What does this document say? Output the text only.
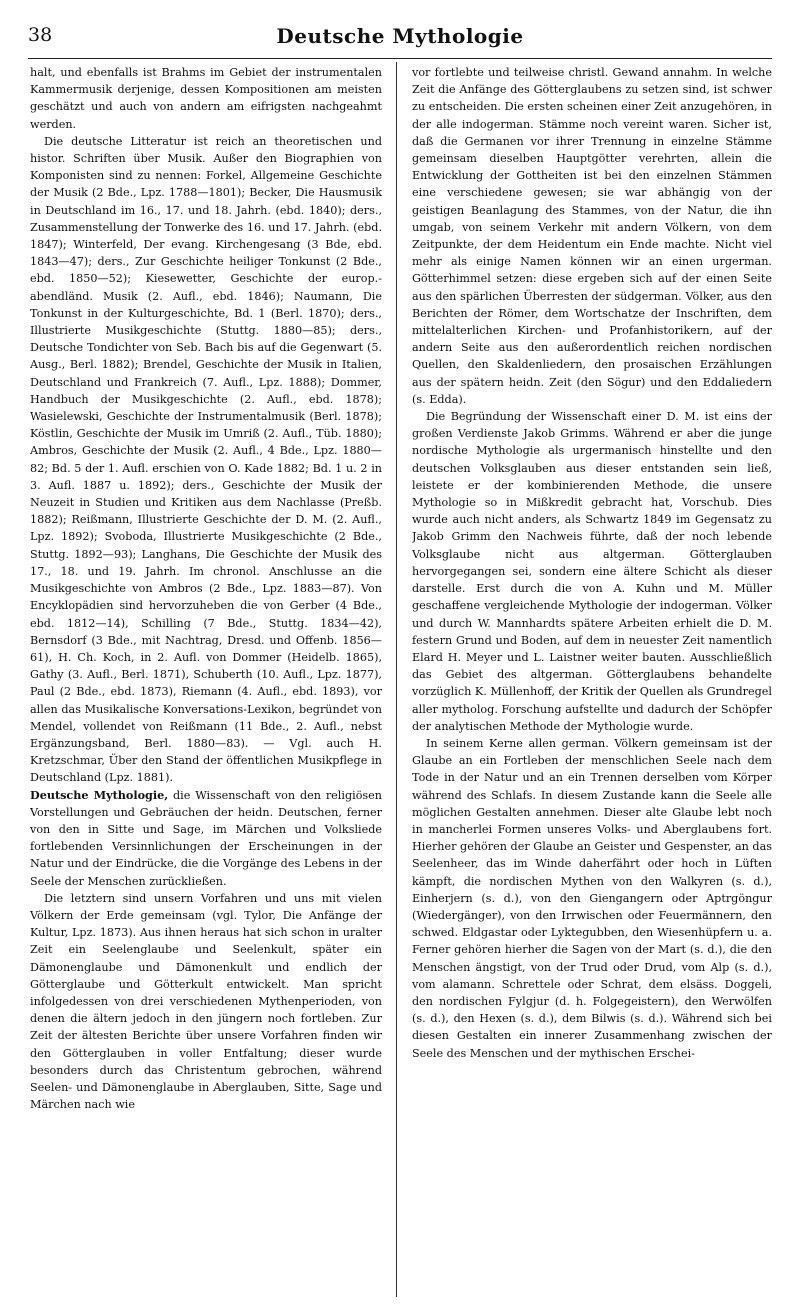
38	Deutsche Mythologie

halt, und ebenfalls ist Brahms im Gebiet der instrumentalen Kammermusik derjenige, dessen Kompositionen am meisten geschätzt und auch von andern am eifrigsten nachgeahmt werden.

Die deutsche Litteratur ist reich an theoretischen und histor. Schriften über Musik. Außer den Biographien von Komponisten sind zu nennen: Forkel, Allgemeine Geschichte der Musik (2 Bde., Lpz. 1788—1801); Becker, Die Hausmusik in Deutschland im 16., 17. und 18. Jahrh. (ebd. 1840); ders., Zusammenstellung der Tonwerke des 16. und 17. Jahrh. (ebd. 1847); Winterfeld, Der evang. Kirchengesang (3 Bde, ebd. 1843—47); ders., Zur Geschichte heiliger Tonkunst (2 Bde., ebd. 1850—52); Kiesewetter, Geschichte der europ.-abendländ. Musik (2. Aufl., ebd. 1846); Naumann, Die Tonkunst in der Kulturgeschichte, Bd. 1 (Berl. 1870); ders., Illustrierte Musikgeschichte (Stuttg. 1880—85); ders., Deutsche Tondichter von Seb. Bach bis auf die Gegenwart (5. Ausg., Berl. 1882); Brendel, Geschichte der Musik in Italien, Deutschland und Frankreich (7. Aufl., Lpz. 1888); Dommer, Handbuch der Musikgeschichte (2. Aufl., ebd. 1878); Wasielewski, Geschichte der Instrumentalmusik (Berl. 1878); Köstlin, Geschichte der Musik im Umriß (2. Aufl., Tüb. 1880); Ambros, Geschichte der Musik (2. Aufl., 4 Bde., Lpz. 1880—82; Bd. 5 der 1. Aufl. erschien von O. Kade 1882; Bd. 1 u. 2 in 3. Aufl. 1887 u. 1892); ders., Geschichte der Musik der Neuzeit in Studien und Kritiken aus dem Nachlasse (Preßb. 1882); Reißmann, Illustrierte Geschichte der D. M. (2. Aufl., Lpz. 1892); Svoboda, Illustrierte Musikgeschichte (2 Bde., Stuttg. 1892—93); Langhans, Die Geschichte der Musik des 17., 18. und 19. Jahrh. Im chronol. Anschlusse an die Musikgeschichte von Ambros (2 Bde., Lpz. 1883—87). Von Encyklopädien sind hervorzuheben die von Gerber (4 Bde., ebd. 1812—14), Schilling (7 Bde., Stuttg. 1834—42), Bernsdorf (3 Bde., mit Nachtrag, Dresd. und Offenb. 1856—61), H. Ch. Koch, in 2. Aufl. von Dommer (Heidelb. 1865), Gathy (3. Aufl., Berl. 1871), Schuberth (10. Aufl., Lpz. 1877), Paul (2 Bde., ebd. 1873), Riemann (4. Aufl., ebd. 1893), vor allen das Musikalische Konversations-Lexikon, begründet von Mendel, vollendet von Reißmann (11 Bde., 2. Aufl., nebst Ergänzungsband, Berl. 1880—83). — Vgl. auch H. Kretzschmar, Über den Stand der öffentlichen Musikpflege in Deutschland (Lpz. 1881).

Deutsche Mythologie, die Wissenschaft von den religiösen Vorstellungen und Gebräuchen der heidn. Deutschen, ferner von den in Sitte und Sage, im Märchen und Volksliede fortlebenden Versinnlichungen der Erscheinungen in der Natur und der Eindrücke, die die Vorgänge des Lebens in der Seele der Menschen zurückließen.

Die letztern sind unsern Vorfahren und uns mit vielen Völkern der Erde gemeinsam (vgl. Tylor, Die Anfänge der Kultur, Lpz. 1873). Aus ihnen heraus hat sich schon in uralter Zeit ein Seelenglaube und Seelenkult, später ein Dämonenglaube und Dämonenkult und endlich der Götterglaube und Götterkult entwickelt. Man spricht infolgedessen von drei verschiedenen Mythenperioden, von denen die ältern jedoch in den jüngern noch fortleben. Zur Zeit der ältesten Berichte über unsere Vorfahren finden wir den Götterglauben in voller Entfaltung; dieser wurde besonders durch das Christentum gebrochen, während Seelen- und Dämonenglaube in Aberglauben, Sitte, Sage und Märchen nach wie

vor fortlebte und teilweise christl. Gewand annahm. In welche Zeit die Anfänge des Götterglaubens zu setzen sind, ist schwer zu entscheiden. Die ersten scheinen einer Zeit anzugehören, in der alle indogerman. Stämme noch vereint waren. Sicher ist, daß die Germanen vor ihrer Trennung in einzelne Stämme gemeinsam dieselben Hauptgötter verehrten, allein die Entwicklung der Gottheiten ist bei den einzelnen Stämmen eine verschiedene gewesen; sie war abhängig von der geistigen Beanlagung des Stammes, von der Natur, die ihn umgab, von seinem Verkehr mit andern Völkern, von dem Zeitpunkte, der dem Heidentum ein Ende machte. Nicht viel mehr als einige Namen können wir an einen urgerman. Götterhimmel setzen: diese ergeben sich auf der einen Seite aus den spärlichen Überresten der südgerman. Völker, aus den Berichten der Römer, dem Wortschatze der Inschriften, dem mittelalterlichen Kirchen- und Profanhistorikern, auf der andern Seite aus den außerordentlich reichen nordischen Quellen, den Skaldenliedern, den prosaischen Erzählungen aus der spätern heidn. Zeit (den Sögur) und den Eddaliedern (s. Edda).

Die Begründung der Wissenschaft einer D. M. ist eins der großen Verdienste Jakob Grimms. Während er aber die junge nordische Mythologie als urgermanisch hinstellte und den deutschen Volksglauben aus dieser entstanden sein ließ, leistete er der kombinierenden Methode, die unsere Mythologie so in Mißkredit gebracht hat, Vorschub. Dies wurde auch nicht anders, als Schwartz 1849 im Gegensatz zu Jakob Grimm den Nachweis führte, daß der noch lebende Volksglaube nicht aus altgerman. Götterglauben hervorgegangen sei, sondern eine ältere Schicht als dieser darstelle. Erst durch die von A. Kuhn und M. Müller geschaffene vergleichende Mythologie der indogerman. Völker und durch W. Mannhardts spätere Arbeiten erhielt die D. M. festern Grund und Boden, auf dem in neuester Zeit namentlich Elard H. Meyer und L. Laistner weiter bauten. Ausschließlich das Gebiet des altgerman. Götterglaubens behandelte vorzüglich K. Müllenhoff, der Kritik der Quellen als Grundregel aller mytholog. Forschung aufstellte und dadurch der Schöpfer der analytischen Methode der Mythologie wurde.

In seinem Kerne allen german. Völkern gemeinsam ist der Glaube an ein Fortleben der menschlichen Seele nach dem Tode in der Natur und an ein Trennen derselben vom Körper während des Schlafs. In diesem Zustande kann die Seele alle möglichen Gestalten annehmen. Dieser alte Glaube lebt noch in mancherlei Formen unseres Volks- und Aberglaubens fort. Hierher gehören der Glaube an Geister und Gespenster, an das Seelenheer, das im Winde daherfährt oder hoch in Lüften kämpft, die nordischen Mythen von den Walkyren (s. d.), Einherjern (s. d.), von den Giengangern oder Aptrgöngur (Wiedergänger), von den Irrwischen oder Feuermännern, den schwed. Eldgastar oder Lyktegubben, den Wiesenhüpfern u. a. Ferner gehören hierher die Sagen von der Mart (s. d.), die den Menschen ängstigt, von der Trud oder Drud, vom Alp (s. d.), vom alamann. Schrettele oder Schrat, dem elsäss. Doggeli, den nordischen Fylgjur (d. h. Folgegeistern), den Werwölfen (s. d.), den Hexen (s. d.), dem Bilwis (s. d.). Während sich bei diesen Gestalten ein innerer Zusammenhang zwischen der Seele des Menschen und der mythischen Erschei-
